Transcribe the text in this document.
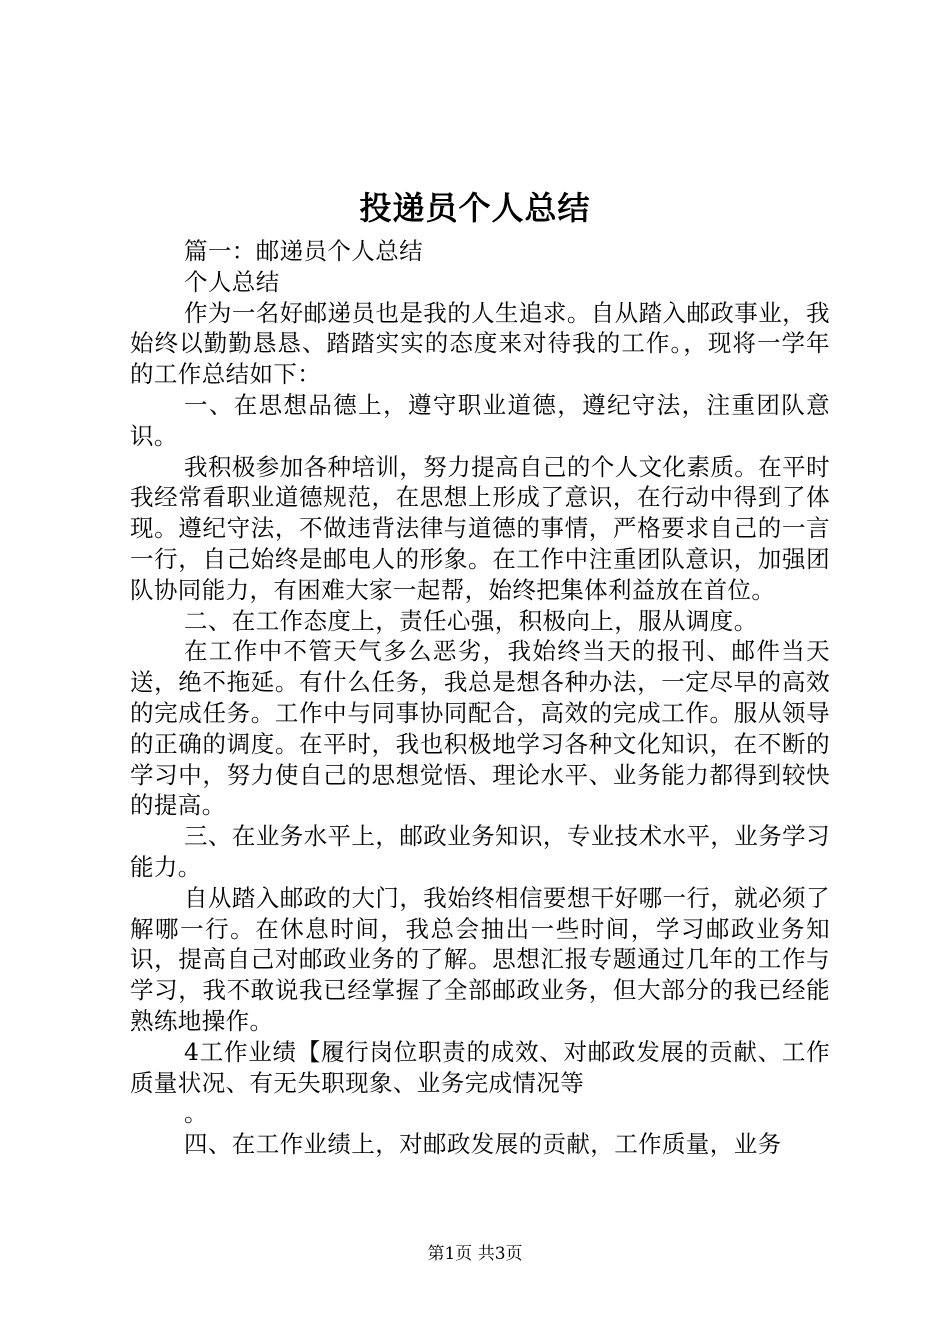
投递员个人总结

篇一：邮递员个人总结

个人总结

作为一名好邮递员也是我的人生追求。自从踏入邮政事业，我始终以勤勤恳恳、踏踏实实的态度来对待我的工作。，现将一学年的工作总结如下：

一、在思想品德上，遵守职业道德，遵纪守法，注重团队意识。

我积极参加各种培训，努力提高自己的个人文化素质。在平时我经常看职业道德规范，在思想上形成了意识，在行动中得到了体现。遵纪守法，不做违背法律与道德的事情，严格要求自己的一言一行，自己始终是邮电人的形象。在工作中注重团队意识，加强团队协同能力，有困难大家一起帮，始终把集体利益放在首位。

二、在工作态度上，责任心强，积极向上，服从调度。

在工作中不管天气多么恶劣，我始终当天的报刊、邮件当天送，绝不拖延。有什么任务，我总是想各种办法，一定尽早的高效的完成任务。工作中与同事协同配合，高效的完成工作。服从领导的正确的调度。在平时，我也积极地学习各种文化知识，在不断的学习中，努力使自己的思想觉悟、理论水平、业务能力都得到较快的提高。

三、在业务水平上，邮政业务知识，专业技术水平，业务学习能力。

自从踏入邮政的大门，我始终相信要想干好哪一行，就必须了解哪一行。在休息时间，我总会抽出一些时间，学习邮政业务知识，提高自己对邮政业务的了解。思想汇报专题通过几年的工作与学习，我不敢说我已经掌握了全部邮政业务，但大部分的我已经能熟练地操作。

4工作业绩【履行岗位职责的成效、对邮政发展的贡献、工作质量状况、有无失职现象、业务完成情况等

。

四、在工作业绩上，对邮政发展的贡献，工作质量，业务

第1页 共3页
